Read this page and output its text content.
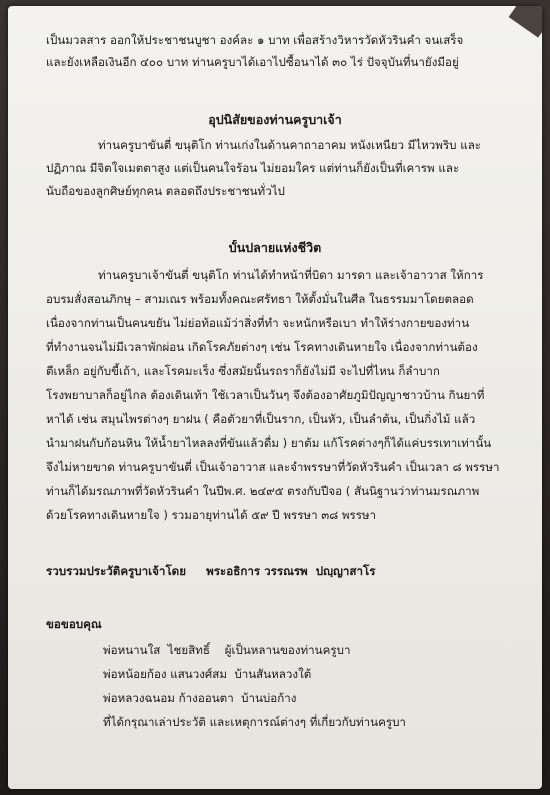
เป็นมวลสาร ออกให้ประชาชนบูชา องค์ละ ๑ บาท เพื่อสร้างวิหารวัดหัวรินคำ จนเสร็จ
และยังเหลือเงินอีก ๔๐๐ บาท ท่านครูบาได้เอาไปซื้อนาได้ ๓๐ ไร่ ปัจจุบันที่นายังมีอยู่
อุปนิสัยของท่านครูบาเจ้า
ท่านครูบาขันตี่ ขนุติโก ท่านเก่งในด้านคาถาอาคม หนังเหนียว มีไหวพริบ และ
ปฏิภาณ มีจิตใจเมตตาสูง แต่เป็นคนใจร้อน ไม่ยอมใคร แต่ท่านก็ยังเป็นที่เคารพ และ
นับถือของลูกศิษย์ทุกคน ตลอดถึงประชาชนทั่วไป
บั้นปลายแห่งชีวิต
ท่านครูบาเจ้าขันตี่ ขนุติโก ท่านได้ทำหน้าที่บิดา มารดา และเจ้าอาวาส ให้การ
อบรมสั่งสอนภิกษุ – สามเณร พร้อมทั้งคณะศรัทธา ให้ตั้งมั่นในศีล ในธรรมมาโดยตลอด
เนื่องจากท่านเป็นคนขยัน ไม่ย่อท้อแม้ว่าสิ่งที่ทำ จะหนักหรือเบา ทำให้ร่างกายของท่าน
ที่ทำงานจนไม่มีเวลาพักผ่อน เกิดโรคภัยต่างๆ เช่น โรคทางเดินหายใจ เนื่องจากท่านต้อง
ตีเหล็ก อยู่กับขี้เถ้า, และโรคมะเร็ง ซึ่งสมัยนั้นรถราก็ยังไม่มี จะไปที่ไหน ก็ลำบาก
โรงพยาบาลก็อยู่ไกล ต้องเดินเท้า ใช้เวลาเป็นวันๆ จึงต้องอาศัยภูมิปัญญาชาวบ้าน กินยาที่
หาได้ เช่น สมุนไพรต่างๆ ยาฝน ( คือตัวยาที่เป็นราก, เป็นหัว, เป็นลำต้น, เป็นกิ่งไม้ แล้ว
นำมาฝนกับก้อนหิน ให้น้ำยาไหลลงที่ขันแล้วดื่ม ) ยาต้ม แก้โรคต่างๆก็ได้แค่บรรเทาเท่านั้น
จึงไม่หายขาด ท่านครูบาขันตี่ เป็นเจ้าอาวาส และจำพรรษาที่วัดหัวรินคำ เป็นเวลา ๘ พรรษา
ท่านก็ได้มรณภาพที่วัดหัวรินคำ ในปีพ.ศ. ๒๔๙๕ ตรงกับปีจอ ( สันนิฐานว่าท่านมรณภาพ
ด้วยโรคทางเดินหายใจ ) รวมอายุท่านได้ ๕๙ ปี พรรษา ๓๘ พรรษา
รวบรวมประวัติครูบาเจ้าโดย     พระอธิการ วรรณรพ  ปญฺญาสาโร
ขอขอบคุณ
พ่อหนานใส  ไชยสิทธิ์    ผู้เป็นหลานของท่านครูบา
พ่อหน้อยก้อง แสนวงศ์สม  บ้านสันหลวงใต้
พ่อหลวงฉนอม ก้างออนตา  บ้านบ่อก้าง
ที่ได้กรุณาเล่าประวัติ และเหตุการณ์ต่างๆ ที่เกี่ยวกับท่านครูบา
